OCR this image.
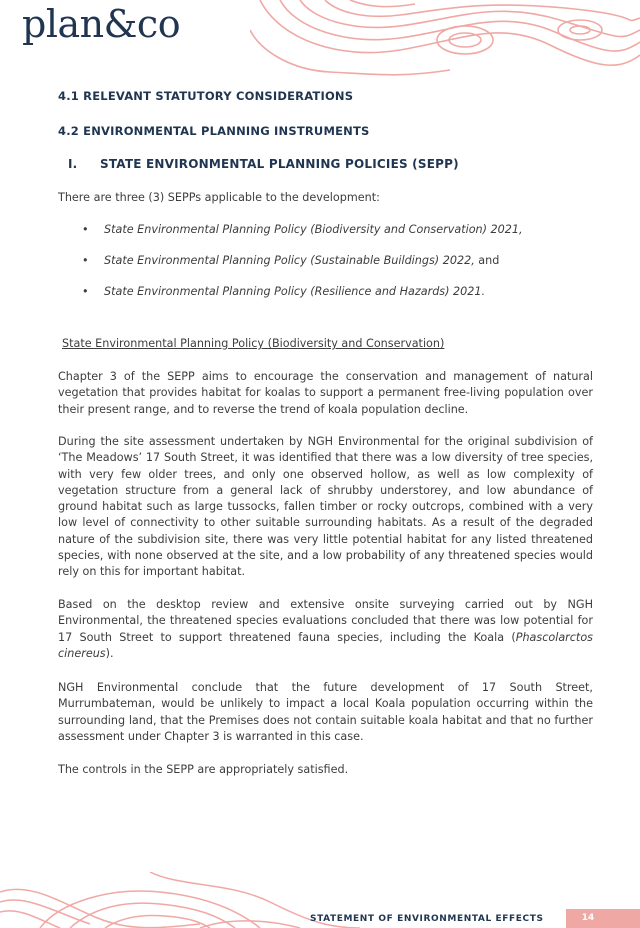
plan&co
4.1 RELEVANT STATUTORY CONSIDERATIONS
4.2 ENVIRONMENTAL PLANNING INSTRUMENTS
I. STATE ENVIRONMENTAL PLANNING POLICIES (SEPP)

There are three (3) SEPPs applicable to the development:

• State Environmental Planning Policy (Biodiversity and Conservation) 2021,
• State Environmental Planning Policy (Sustainable Buildings) 2022, and
• State Environmental Planning Policy (Resilience and Hazards) 2021.
State Environmental Planning Policy (Biodiversity and Conservation)

Chapter 3 of the SEPP aims to encourage the conservation and management of natural vegetation that provides habitat for koalas to support a permanent free-living population over their present range, and to reverse the trend of koala population decline.

During the site assessment undertaken by NGH Environmental for the original subdivision of ‘The Meadows’ 17 South Street, it was identified that there was a low diversity of tree species, with very few older trees, and only one observed hollow, as well as low complexity of vegetation structure from a general lack of shrubby understorey, and low abundance of ground habitat such as large tussocks, fallen timber or rocky outcrops, combined with a very low level of connectivity to other suitable surrounding habitats. As a result of the degraded nature of the subdivision site, there was very little potential habitat for any listed threatened species, with none observed at the site, and a low probability of any threatened species would rely on this for important habitat.

Based on the desktop review and extensive onsite surveying carried out by NGH Environmental, the threatened species evaluations concluded that there was low potential for 17 South Street to support threatened fauna species, including the Koala (Phascolarctos cinereus).

NGH Environmental conclude that the future development of 17 South Street, Murrumbateman, would be unlikely to impact a local Koala population occurring within the surrounding land, that the Premises does not contain suitable koala habitat and that no further assessment under Chapter 3 is warranted in this case.

The controls in the SEPP are appropriately satisfied.

STATEMENT OF ENVIRONMENTAL EFFECTS	14
